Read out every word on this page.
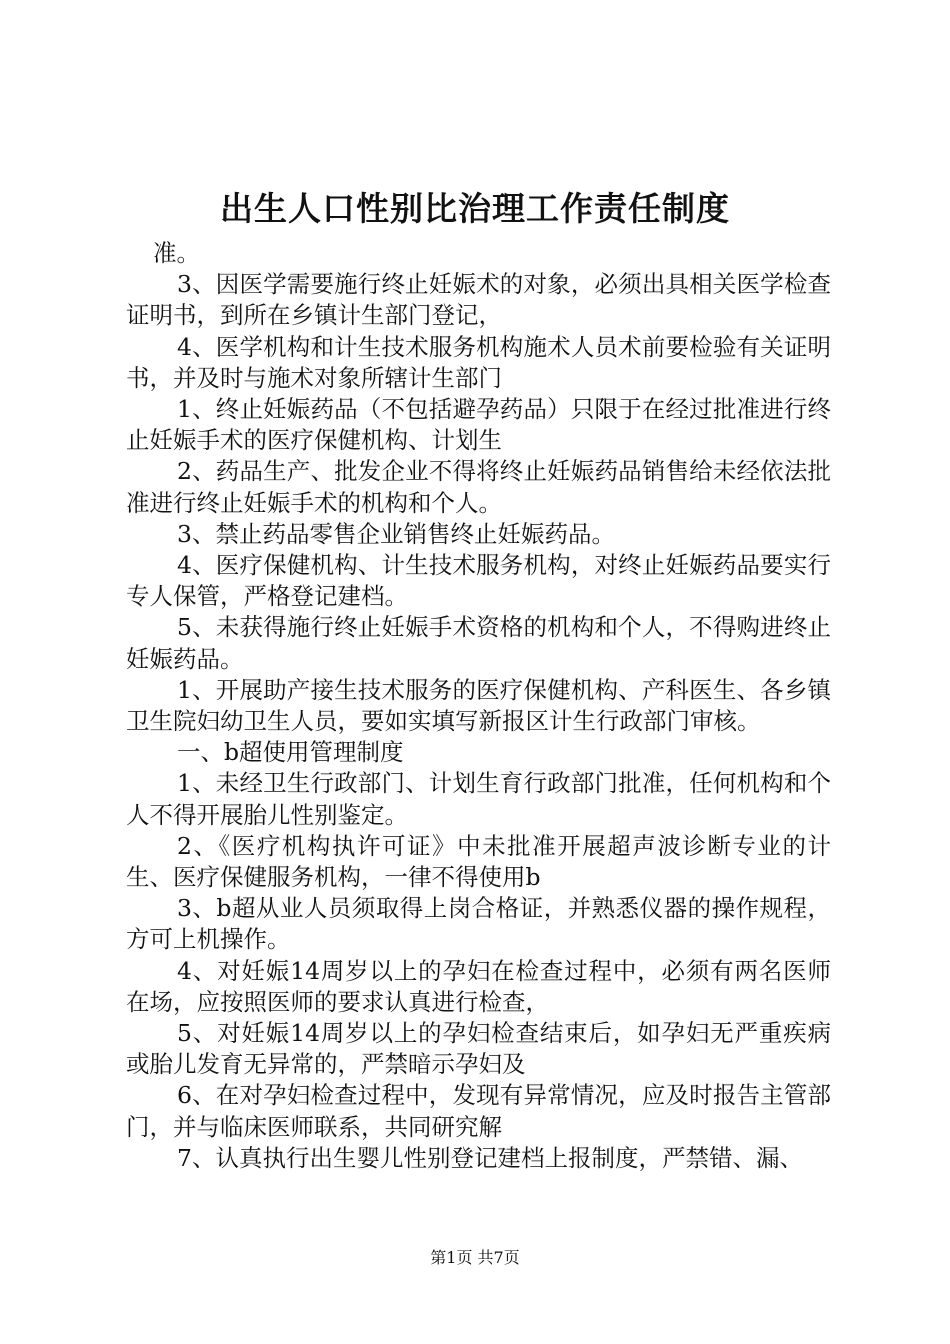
出生人口性别比治理工作责任制度

准。

3、因医学需要施行终止妊娠术的对象，必须出具相关医学检查证明书，到所在乡镇计生部门登记，

4、医学机构和计生技术服务机构施术人员术前要检验有关证明书，并及时与施术对象所辖计生部门

1、终止妊娠药品（不包括避孕药品）只限于在经过批准进行终止妊娠手术的医疗保健机构、计划生

2、药品生产、批发企业不得将终止妊娠药品销售给未经依法批准进行终止妊娠手术的机构和个人。

3、禁止药品零售企业销售终止妊娠药品。

4、医疗保健机构、计生技术服务机构，对终止妊娠药品要实行专人保管，严格登记建档。

5、未获得施行终止妊娠手术资格的机构和个人，不得购进终止妊娠药品。

1、开展助产接生技术服务的医疗保健机构、产科医生、各乡镇卫生院妇幼卫生人员，要如实填写新报区计生行政部门审核。

一、b超使用管理制度

1、未经卫生行政部门、计划生育行政部门批准，任何机构和个人不得开展胎儿性别鉴定。

2、《医疗机构执许可证》中未批准开展超声波诊断专业的计生、医疗保健服务机构，一律不得使用b

3、b超从业人员须取得上岗合格证，并熟悉仪器的操作规程，方可上机操作。

4、对妊娠14周岁以上的孕妇在检查过程中，必须有两名医师在场，应按照医师的要求认真进行检查，

5、对妊娠14周岁以上的孕妇检查结束后，如孕妇无严重疾病或胎儿发育无异常的，严禁暗示孕妇及

6、在对孕妇检查过程中，发现有异常情况，应及时报告主管部门，并与临床医师联系，共同研究解

7、认真执行出生婴儿性别登记建档上报制度，严禁错、漏、

第1页 共7页
